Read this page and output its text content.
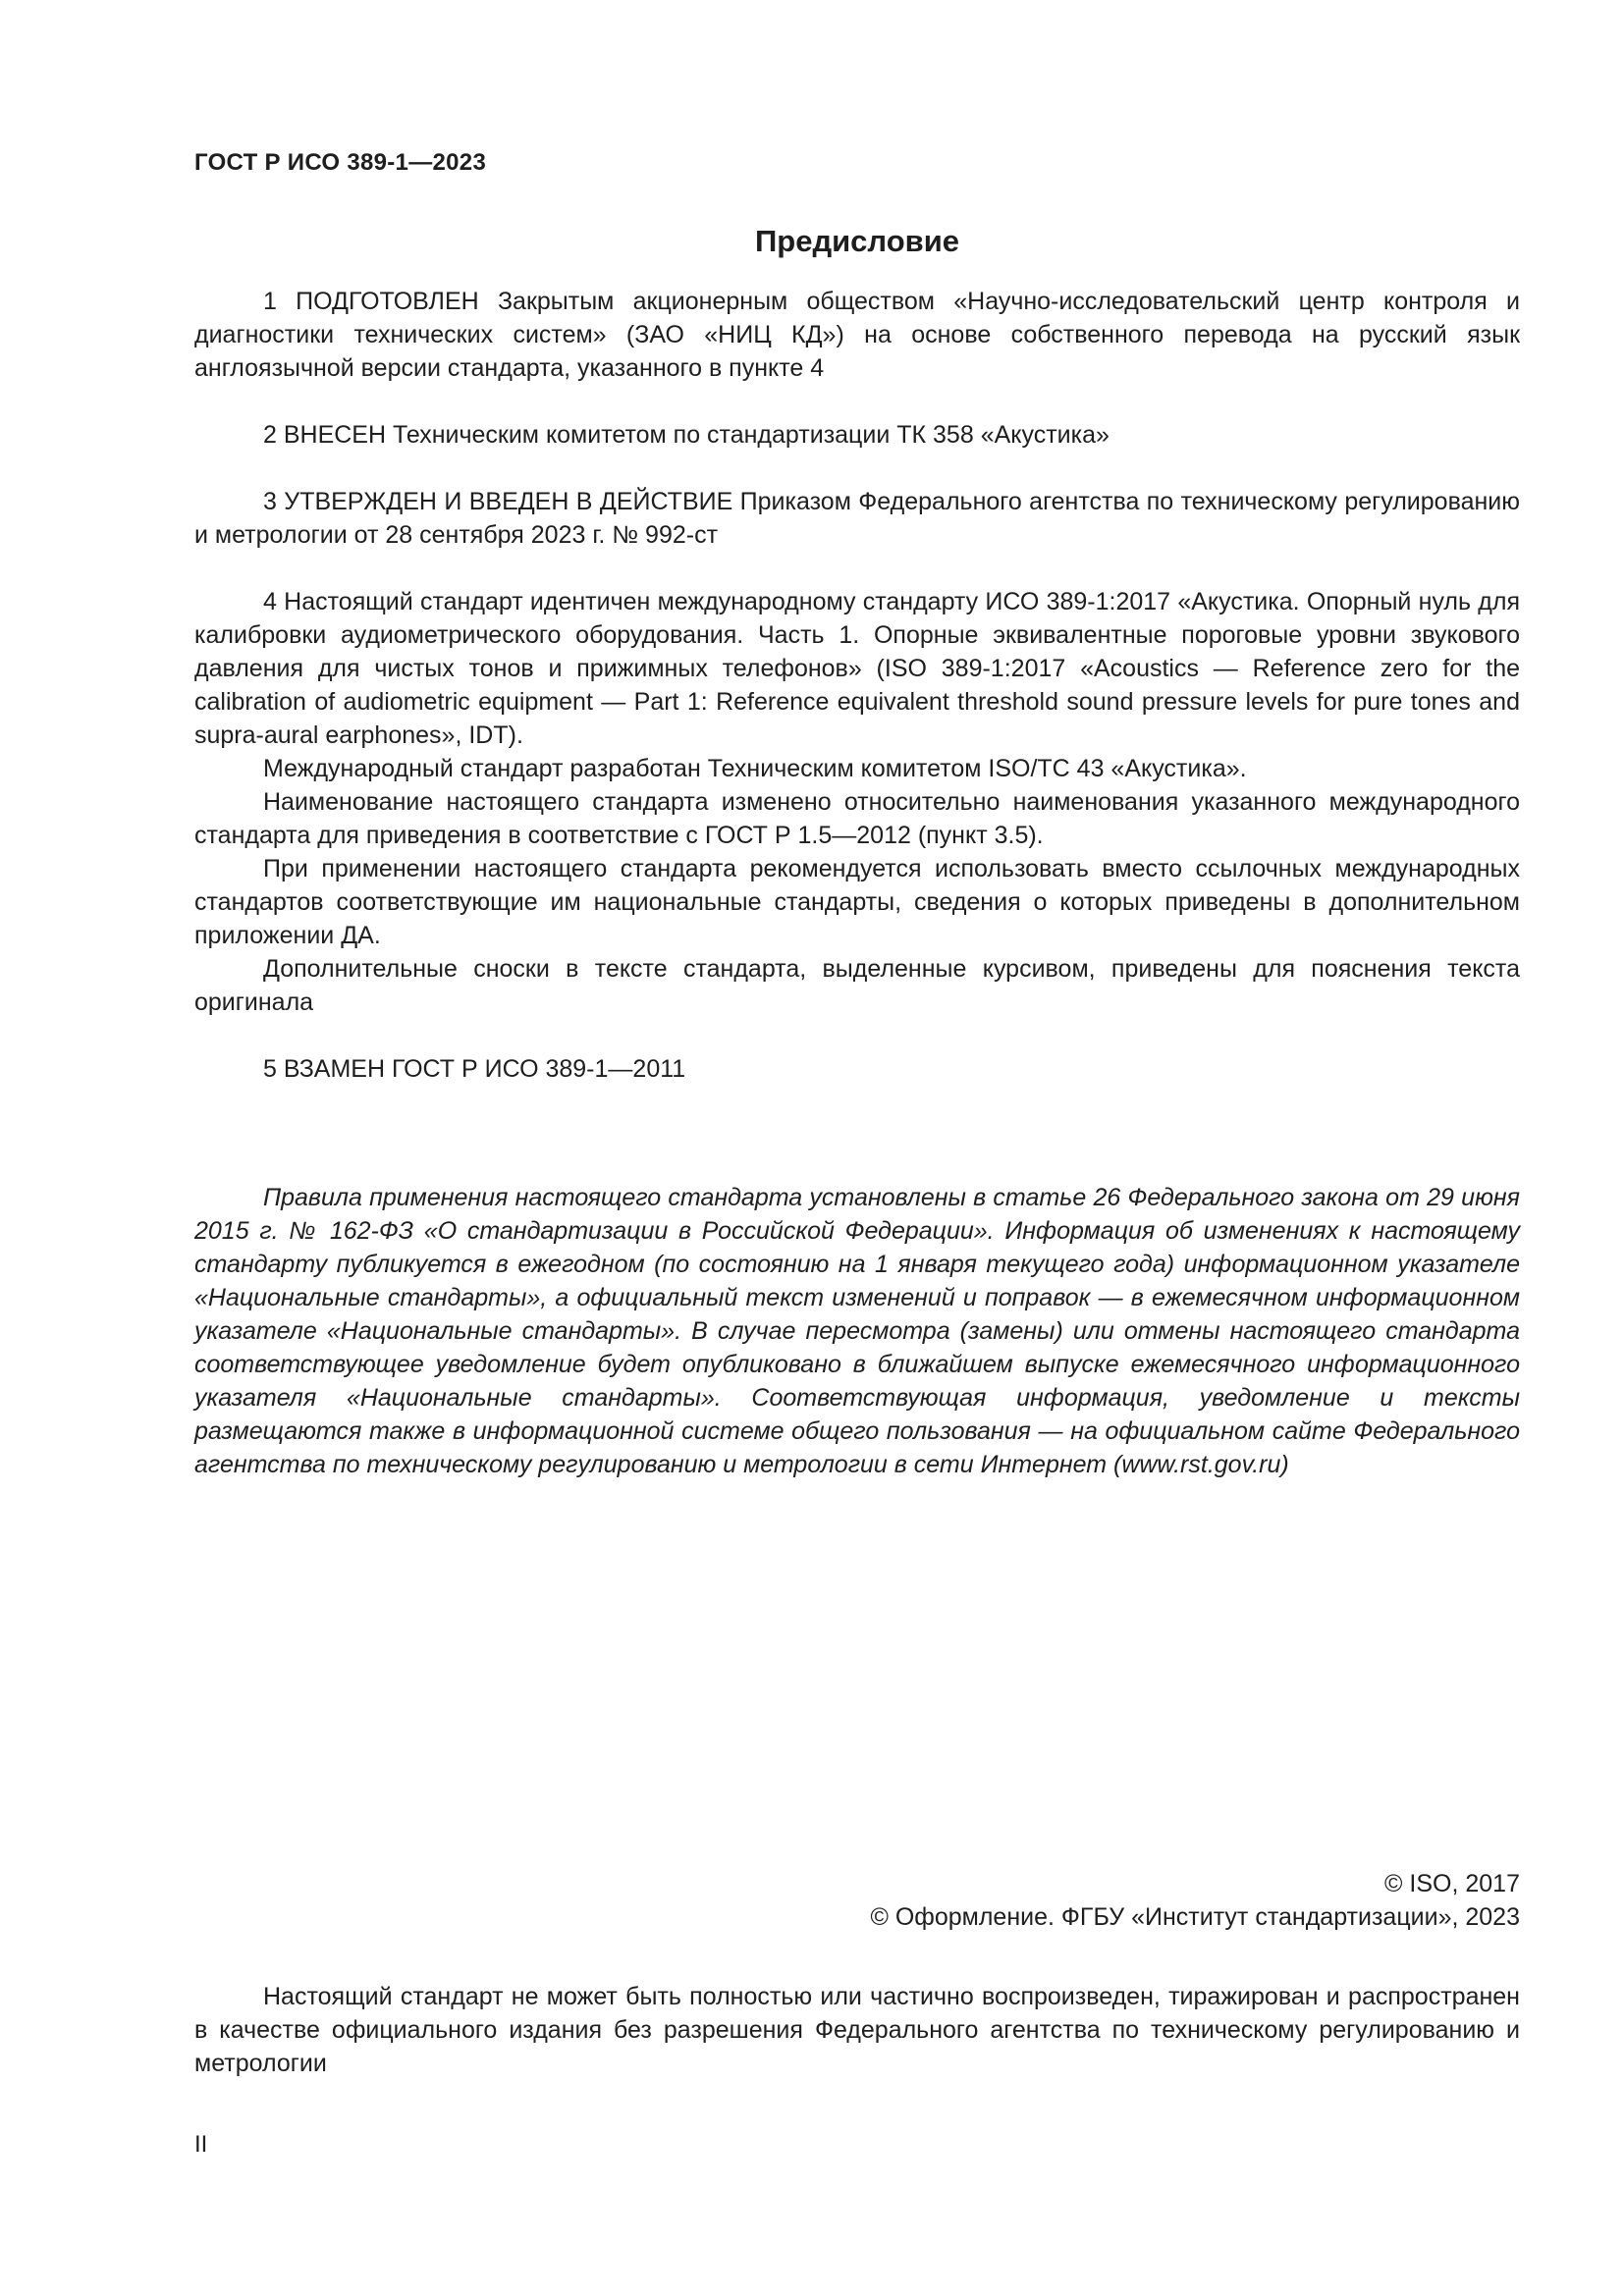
ГОСТ Р ИСО 389-1—2023
Предисловие

1 ПОДГОТОВЛЕН Закрытым акционерным обществом «Научно-исследовательский центр контроля и диагностики технических систем» (ЗАО «НИЦ КД») на основе собственного перевода на русский язык англоязычной версии стандарта, указанного в пункте 4

2 ВНЕСЕН Техническим комитетом по стандартизации ТК 358 «Акустика»

3 УТВЕРЖДЕН И ВВЕДЕН В ДЕЙСТВИЕ Приказом Федерального агентства по техническому регулированию и метрологии от 28 сентября 2023 г. № 992-ст

4 Настоящий стандарт идентичен международному стандарту ИСО 389-1:2017 «Акустика. Опорный нуль для калибровки аудиометрического оборудования. Часть 1. Опорные эквивалентные пороговые уровни звукового давления для чистых тонов и прижимных телефонов» (ISO 389-1:2017 «Acoustics — Reference zero for the calibration of audiometric equipment — Part 1: Reference equivalent threshold sound pressure levels for pure tones and supra-aural earphones», IDT).

Международный стандарт разработан Техническим комитетом ISO/TC 43 «Акустика».

Наименование настоящего стандарта изменено относительно наименования указанного международного стандарта для приведения в соответствие с ГОСТ Р 1.5—2012 (пункт 3.5).

При применении настоящего стандарта рекомендуется использовать вместо ссылочных международных стандартов соответствующие им национальные стандарты, сведения о которых приведены в дополнительном приложении ДА.

Дополнительные сноски в тексте стандарта, выделенные курсивом, приведены для пояснения текста оригинала

5 ВЗАМЕН ГОСТ Р ИСО 389-1—2011

Правила применения настоящего стандарта установлены в статье 26 Федерального закона от 29 июня 2015 г. № 162-ФЗ «О стандартизации в Российской Федерации». Информация об изменениях к настоящему стандарту публикуется в ежегодном (по состоянию на 1 января текущего года) информационном указателе «Национальные стандарты», а официальный текст изменений и поправок — в ежемесячном информационном указателе «Национальные стандарты». В случае пересмотра (замены) или отмены настоящего стандарта соответствующее уведомление будет опубликовано в ближайшем выпуске ежемесячного информационного указателя «Национальные стандарты». Соответствующая информация, уведомление и тексты размещаются также в информационной системе общего пользования — на официальном сайте Федерального агентства по техническому регулированию и метрологии в сети Интернет (www.rst.gov.ru)

© ISO, 2017
© Оформление. ФГБУ «Институт стандартизации», 2023

Настоящий стандарт не может быть полностью или частично воспроизведен, тиражирован и распространен в качестве официального издания без разрешения Федерального агентства по техническому регулированию и метрологии

II
